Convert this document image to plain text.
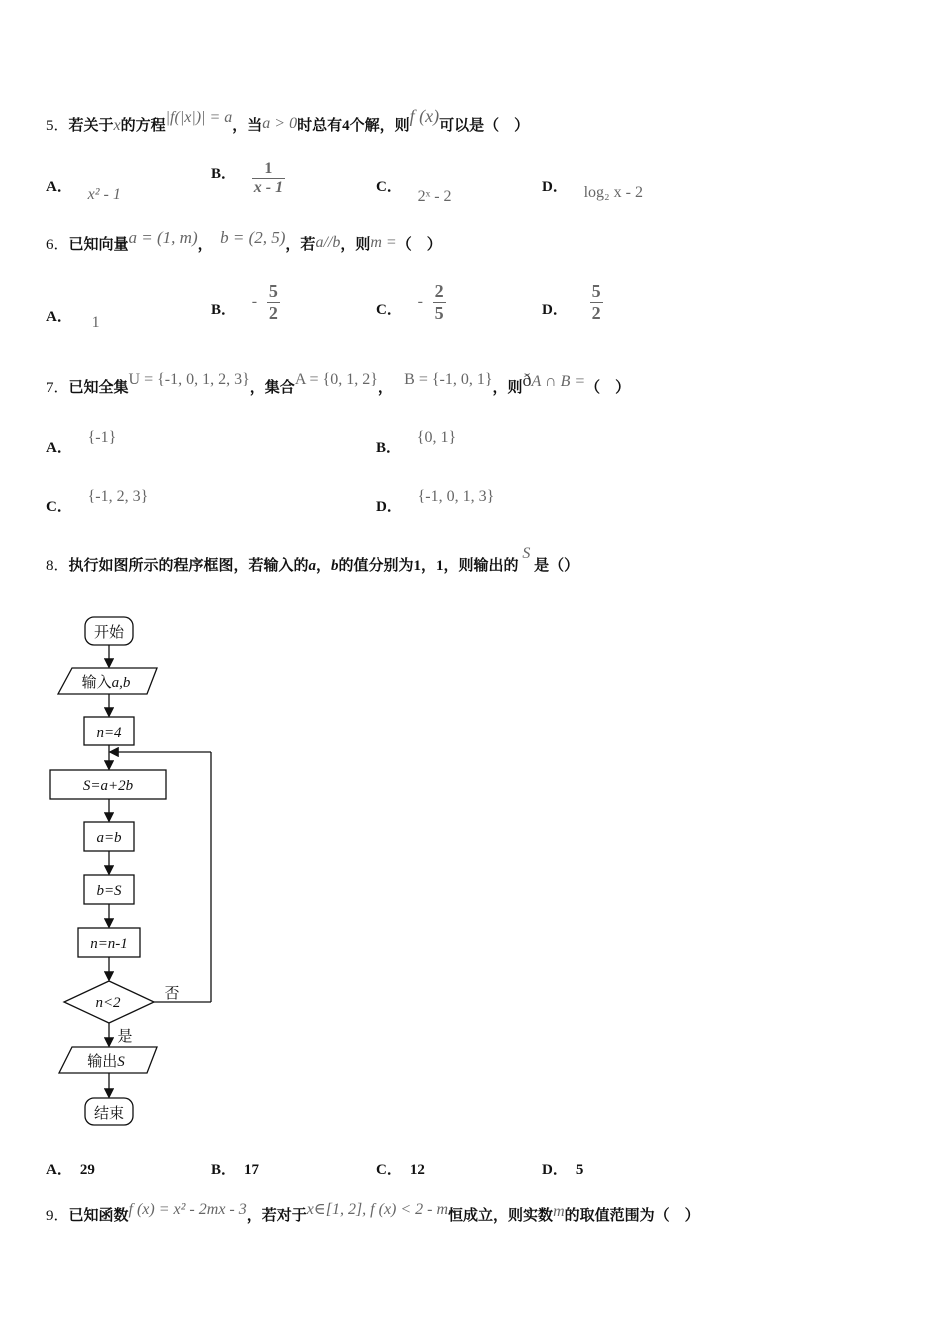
5．若关于x的方程|f(|x|)| = a，当a > 0时总有4个解，则f (x)可以是（　）
A． x² - 1
B． $\frac{1}{x - 1}$	C． 2ˣ - 2
D． log₂ x - 2
6．已知向量a = (1, m)， b = (2, 5)，若a//b，则m =（　）
A． 1
B． - $\frac{5}{2}$	C． - $\frac{2}{5}$	D． $\frac{5}{2}$
7．已知全集U = {-1, 0, 1, 2, 3}，集合A = {0, 1, 2}， B = {-1, 0, 1}，则ðA ∩ B =（　）
A． {-1}
B． {0, 1}
C． {-1, 2, 3}
D． {-1, 0, 1, 3}
8．执行如图所示的程序框图，若输入的a，b的值分别为1，1，则输出的 S 是（）
开始
输入a,b
n=4
S=a+2b
a=b
b=S
n=n-1
n<2
否
是
输出S
结束
A． 29	B． 17	C． 12	D． 5
9．已知函数f (x) = x² - 2mx - 3，若对于x∈[1, 2], f (x) < 2 - m恒成立，则实数m的取值范围为（　）
